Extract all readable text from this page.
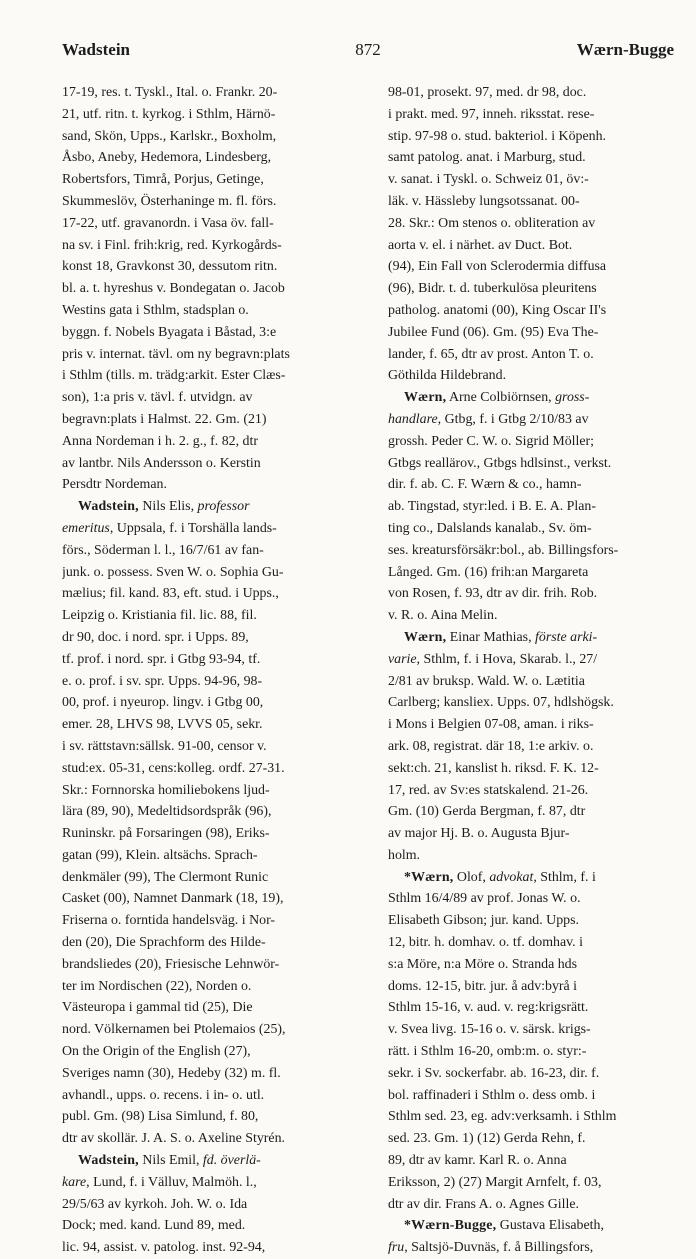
Wadstein	872	Wærn-Bugge

17-19, res. t. Tyskl., Ital. o. Frankr. 20-

21, utf. ritn. t. kyrkog. i Sthlm, Härnö-

sand, Skön, Upps., Karlskr., Boxholm,

Åsbo, Aneby, Hedemora, Lindesberg,

Robertsfors, Timrå, Porjus, Getinge,

Skummeslöv, Österhaninge m. fl. förs.

17-22, utf. gravanordn. i Vasa öv. fall-

na sv. i Finl. frih:krig, red. Kyrkogårds-

konst 18, Gravkonst 30, dessutom ritn.

bl. a. t. hyreshus v. Bondegatan o. Jacob

Westins gata i Sthlm, stadsplan o.

byggn. f. Nobels Byagata i Båstad, 3:e

pris v. internat. tävl. om ny begravn:plats

i Sthlm (tills. m. trädg:arkit. Ester Clæs-

son), 1:a pris v. tävl. f. utvidgn. av

begravn:plats i Halmst. 22. Gm. (21)

Anna Nordeman i h. 2. g., f. 82, dtr

av lantbr. Nils Andersson o. Kerstin

Persdtr Nordeman.

Wadstein, Nils Elis, professor

emeritus, Uppsala, f. i Torshälla lands-

förs., Söderman l. l., 16/7/61 av fan-

junk. o. possess. Sven W. o. Sophia Gu-

mælius; fil. kand. 83, eft. stud. i Upps.,

Leipzig o. Kristiania fil. lic. 88, fil.

dr 90, doc. i nord. spr. i Upps. 89,

tf. prof. i nord. spr. i Gtbg 93-94, tf.

e. o. prof. i sv. spr. Upps. 94-96, 98-

00, prof. i nyeurop. lingv. i Gtbg 00,

emer. 28, LHVS 98, LVVS 05, sekr.

i sv. rättstavn:sällsk. 91-00, censor v.

stud:ex. 05-31, cens:kolleg. ordf. 27-31.

Skr.: Fornnorska homiliebokens ljud-

lära (89, 90), Medeltidsordspråk (96),

Runinskr. på Forsaringen (98), Eriks-

gatan (99), Klein. altsächs. Sprach-

denkmäler (99), The Clermont Runic

Casket (00), Namnet Danmark (18, 19),

Friserna o. forntida handelsväg. i Nor-

den (20), Die Sprachform des Hilde-

brandsliedes (20), Friesische Lehnwör-

ter im Nordischen (22), Norden o.

Västeuropa i gammal tid (25), Die

nord. Völkernamen bei Ptolemaios (25),

On the Origin of the English (27),

Sveriges namn (30), Hedeby (32) m. fl.

avhandl., upps. o. recens. i in- o. utl.

publ. Gm. (98) Lisa Simlund, f. 80,

dtr av skollär. J. A. S. o. Axeline Styrén.

Wadstein, Nils Emil, fd. överlä-

kare, Lund, f. i Välluv, Malmöh. l.,

29/5/63 av kyrkoh. Joh. W. o. Ida

Dock; med. kand. Lund 89, med.

lic. 94, assist. v. patolog. inst. 92-94,

98-01, prosekt. 97, med. dr 98, doc.

i prakt. med. 97, inneh. riksstat. rese-

stip. 97-98 o. stud. bakteriol. i Köpenh.

samt patolog. anat. i Marburg, stud.

v. sanat. i Tyskl. o. Schweiz 01, öv:-

läk. v. Hässleby lungsotssanat. 00-

28. Skr.: Om stenos o. obliteration av

aorta v. el. i närhet. av Duct. Bot.

(94), Ein Fall von Sclerodermia diffusa

(96), Bidr. t. d. tuberkulösa pleuritens

patholog. anatomi (00), King Oscar II's

Jubilee Fund (06). Gm. (95) Eva The-

lander, f. 65, dtr av prost. Anton T. o.

Göthilda Hildebrand.

Wærn, Arne Colbiörnsen, gross-

handlare, Gtbg, f. i Gtbg 2/10/83 av

grossh. Peder C. W. o. Sigrid Möller;

Gtbgs reallärov., Gtbgs hdlsinst., verkst.

dir. f. ab. C. F. Wærn & co., hamn-

ab. Tingstad, styr:led. i B. E. A. Plan-

ting co., Dalslands kanalab., Sv. öm-

ses. kreatursförsäkr:bol., ab. Billingsfors-

Långed. Gm. (16) frih:an Margareta

von Rosen, f. 93, dtr av dir. frih. Rob.

v. R. o. Aina Melin.

Wærn, Einar Mathias, förste arki-

varie, Sthlm, f. i Hova, Skarab. l., 27/

2/81 av bruksp. Wald. W. o. Lætitia

Carlberg; kansliex. Upps. 07, hdlshögsk.

i Mons i Belgien 07-08, aman. i riks-

ark. 08, registrat. där 18, 1:e arkiv. o.

sekt:ch. 21, kanslist h. riksd. F. K. 12-

17, red. av Sv:es statskalend. 21-26.

Gm. (10) Gerda Bergman, f. 87, dtr

av major Hj. B. o. Augusta Bjur-

holm.

*Wærn, Olof, advokat, Sthlm, f. i

Sthlm 16/4/89 av prof. Jonas W. o.

Elisabeth Gibson; jur. kand. Upps.

12, bitr. h. domhav. o. tf. domhav. i

s:a Möre, n:a Möre o. Stranda hds

doms. 12-15, bitr. jur. å adv:byrå i

Sthlm 15-16, v. aud. v. reg:krigsrätt.

v. Svea livg. 15-16 o. v. särsk. krigs-

rätt. i Sthlm 16-20, omb:m. o. styr:-

sekr. i Sv. sockerfabr. ab. 16-23, dir. f.

bol. raffinaderi i Sthlm o. dess omb. i

Sthlm sed. 23, eg. adv:verksamh. i Sthlm

sed. 23. Gm. 1) (12) Gerda Rehn, f.

89, dtr av kamr. Karl R. o. Anna

Eriksson, 2) (27) Margit Arnfelt, f. 03,

dtr av dir. Frans A. o. Agnes Gille.

*Wærn-Bugge, Gustava Elisabeth,

fru, Saltsjö-Duvnäs, f. å Billingsfors,
